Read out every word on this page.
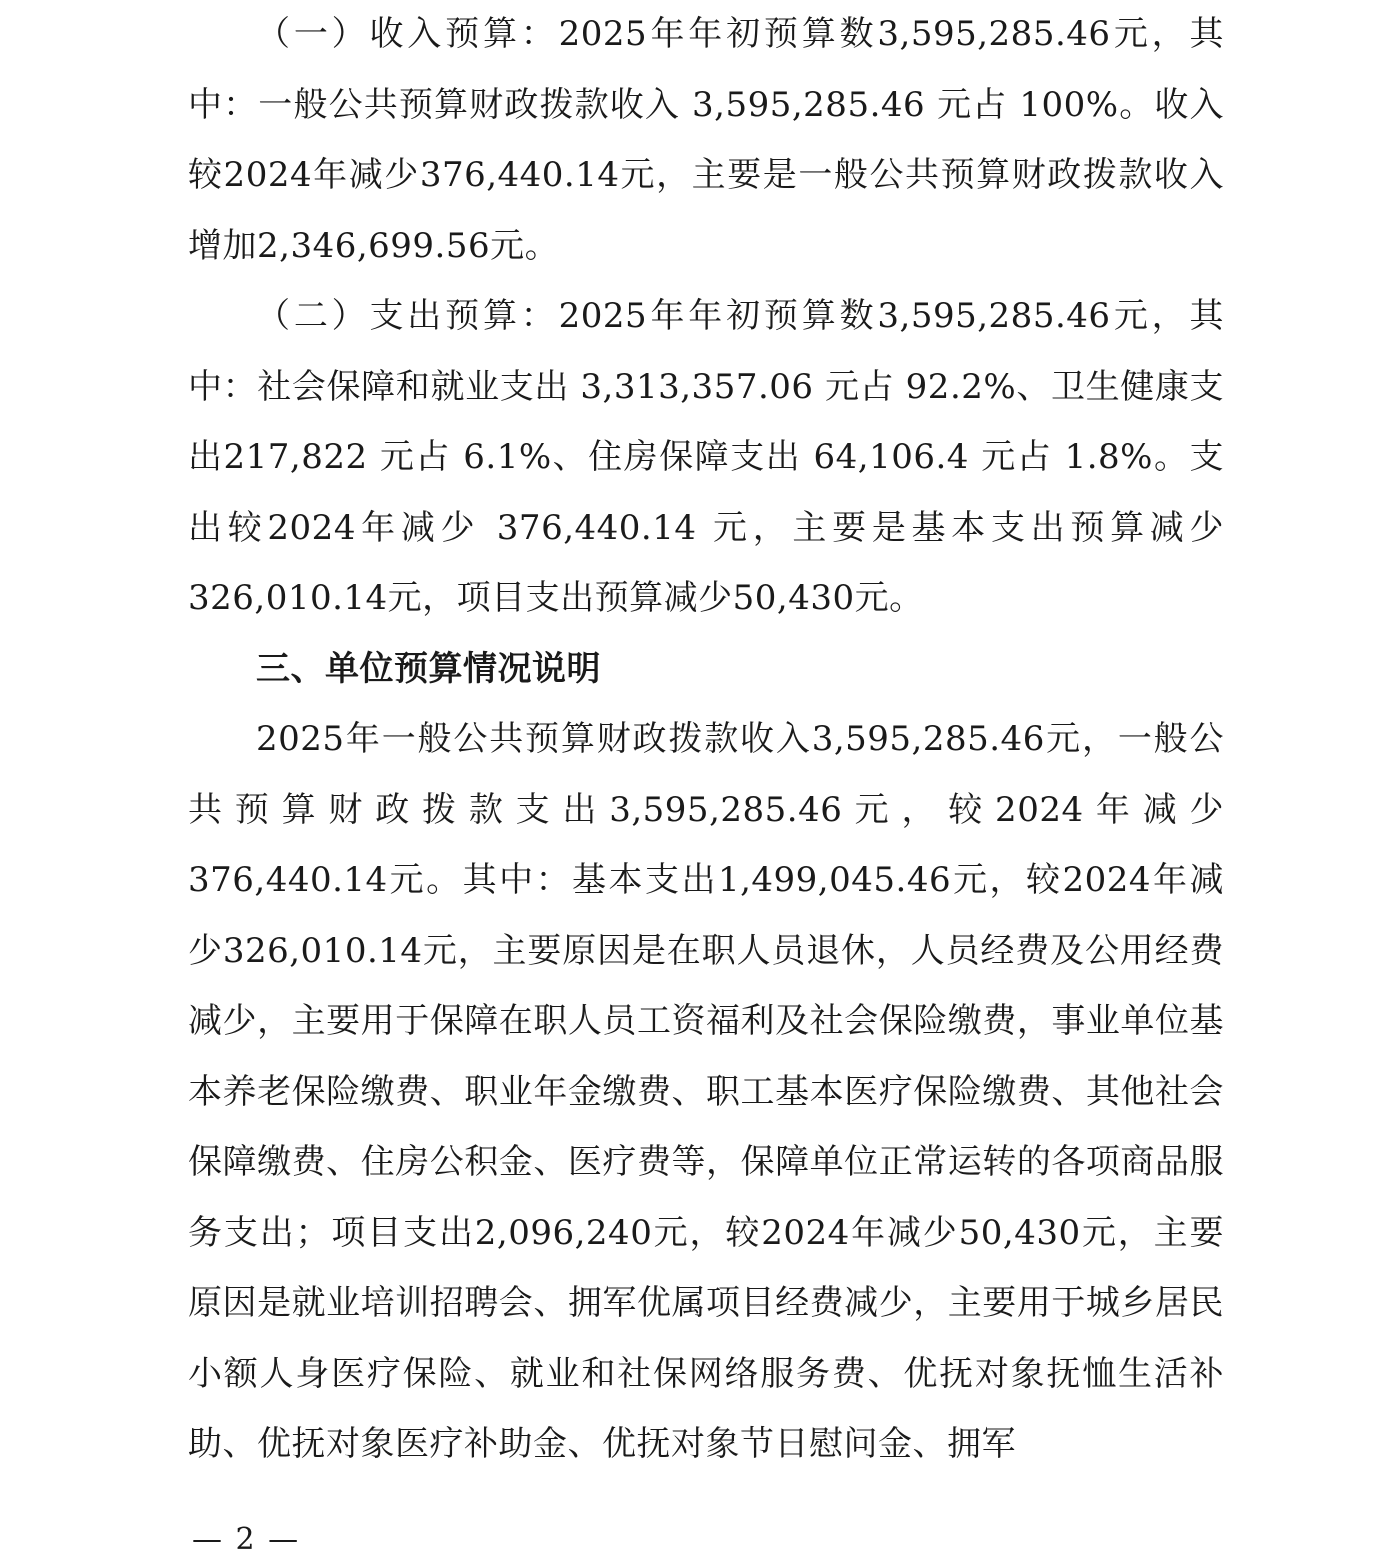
（一）收入预算：2025年年初预算数3,595,285.46元，其中：一般公共预算财政拨款收入 3,595,285.46 元占 100%。收入较2024年减少376,440.14元，主要是一般公共预算财政拨款收入增加2,346,699.56元。

（二）支出预算：2025年年初预算数3,595,285.46元，其中：社会保障和就业支出 3,313,357.06 元占 92.2%、卫生健康支出217,822 元占 6.1%、住房保障支出 64,106.4 元占 1.8%。支出较2024年减少 376,440.14 元，主要是基本支出预算减少 326,010.14元，项目支出预算减少50,430元。

三、单位预算情况说明

2025年一般公共预算财政拨款收入3,595,285.46元，一般公共预算财政拨款支出3,595,285.46元，较2024年减少376,440.14元。其中：基本支出1,499,045.46元，较2024年减少326,010.14元，主要原因是在职人员退休，人员经费及公用经费减少，主要用于保障在职人员工资福利及社会保险缴费，事业单位基本养老保险缴费、职业年金缴费、职工基本医疗保险缴费、其他社会保障缴费、住房公积金、医疗费等，保障单位正常运转的各项商品服务支出；项目支出2,096,240元，较2024年减少50,430元，主要原因是就业培训招聘会、拥军优属项目经费减少，主要用于城乡居民小额人身医疗保险、就业和社保网络服务费、优抚对象抚恤生活补助、优抚对象医疗补助金、优抚对象节日慰问金、拥军

— 2 —
